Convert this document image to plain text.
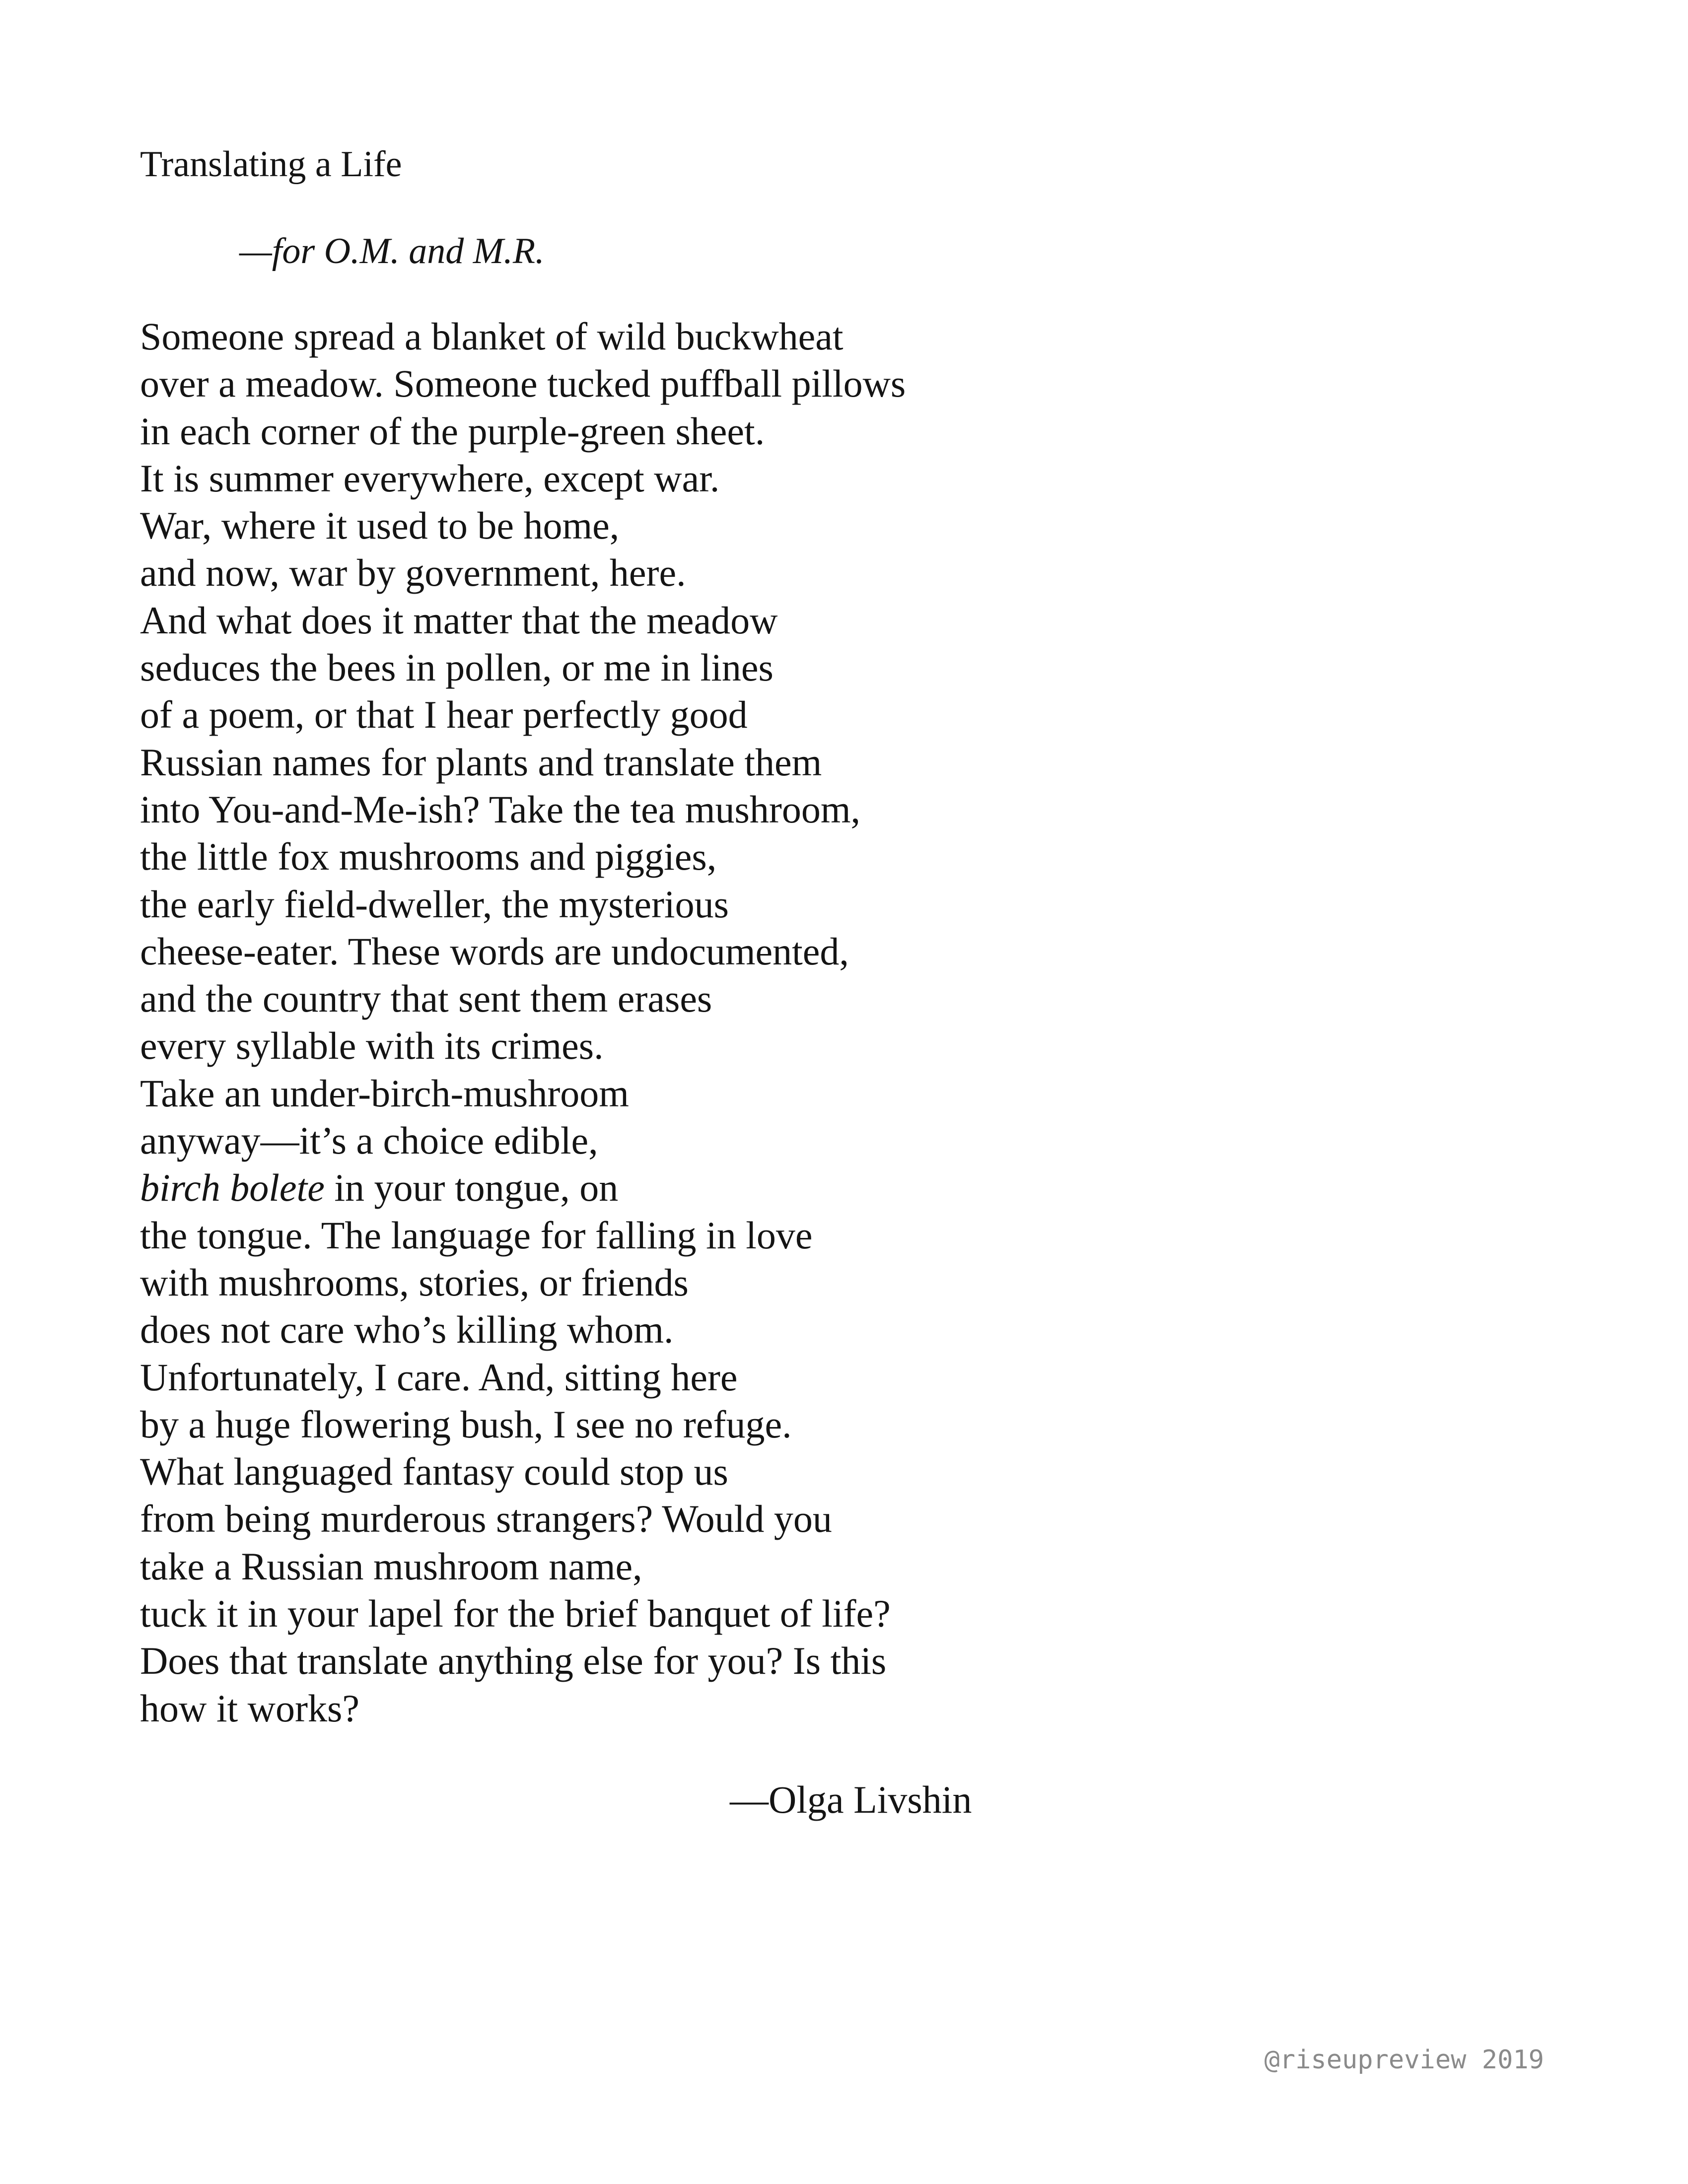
Translating a Life
—for O.M. and M.R.
Someone spread a blanket of wild buckwheat
over a meadow. Someone tucked puffball pillows
in each corner of the purple-green sheet.
It is summer everywhere, except war.
War, where it used to be home,
and now, war by government, here.
And what does it matter that the meadow
seduces the bees in pollen, or me in lines
of a poem, or that I hear perfectly good
Russian names for plants and translate them
into You-and-Me-ish? Take the tea mushroom,
the little fox mushrooms and piggies,
the early field-dweller, the mysterious
cheese-eater. These words are undocumented,
and the country that sent them erases
every syllable with its crimes.
Take an under-birch-mushroom
anyway—it’s a choice edible,
birch bolete in your tongue, on
the tongue. The language for falling in love
with mushrooms, stories, or friends
does not care who’s killing whom.
Unfortunately, I care. And, sitting here
by a huge flowering bush, I see no refuge.
What languaged fantasy could stop us
from being murderous strangers? Would you
take a Russian mushroom name,
tuck it in your lapel for the brief banquet of life?
Does that translate anything else for you? Is this
how it works?
—Olga Livshin
@riseupreview 2019
